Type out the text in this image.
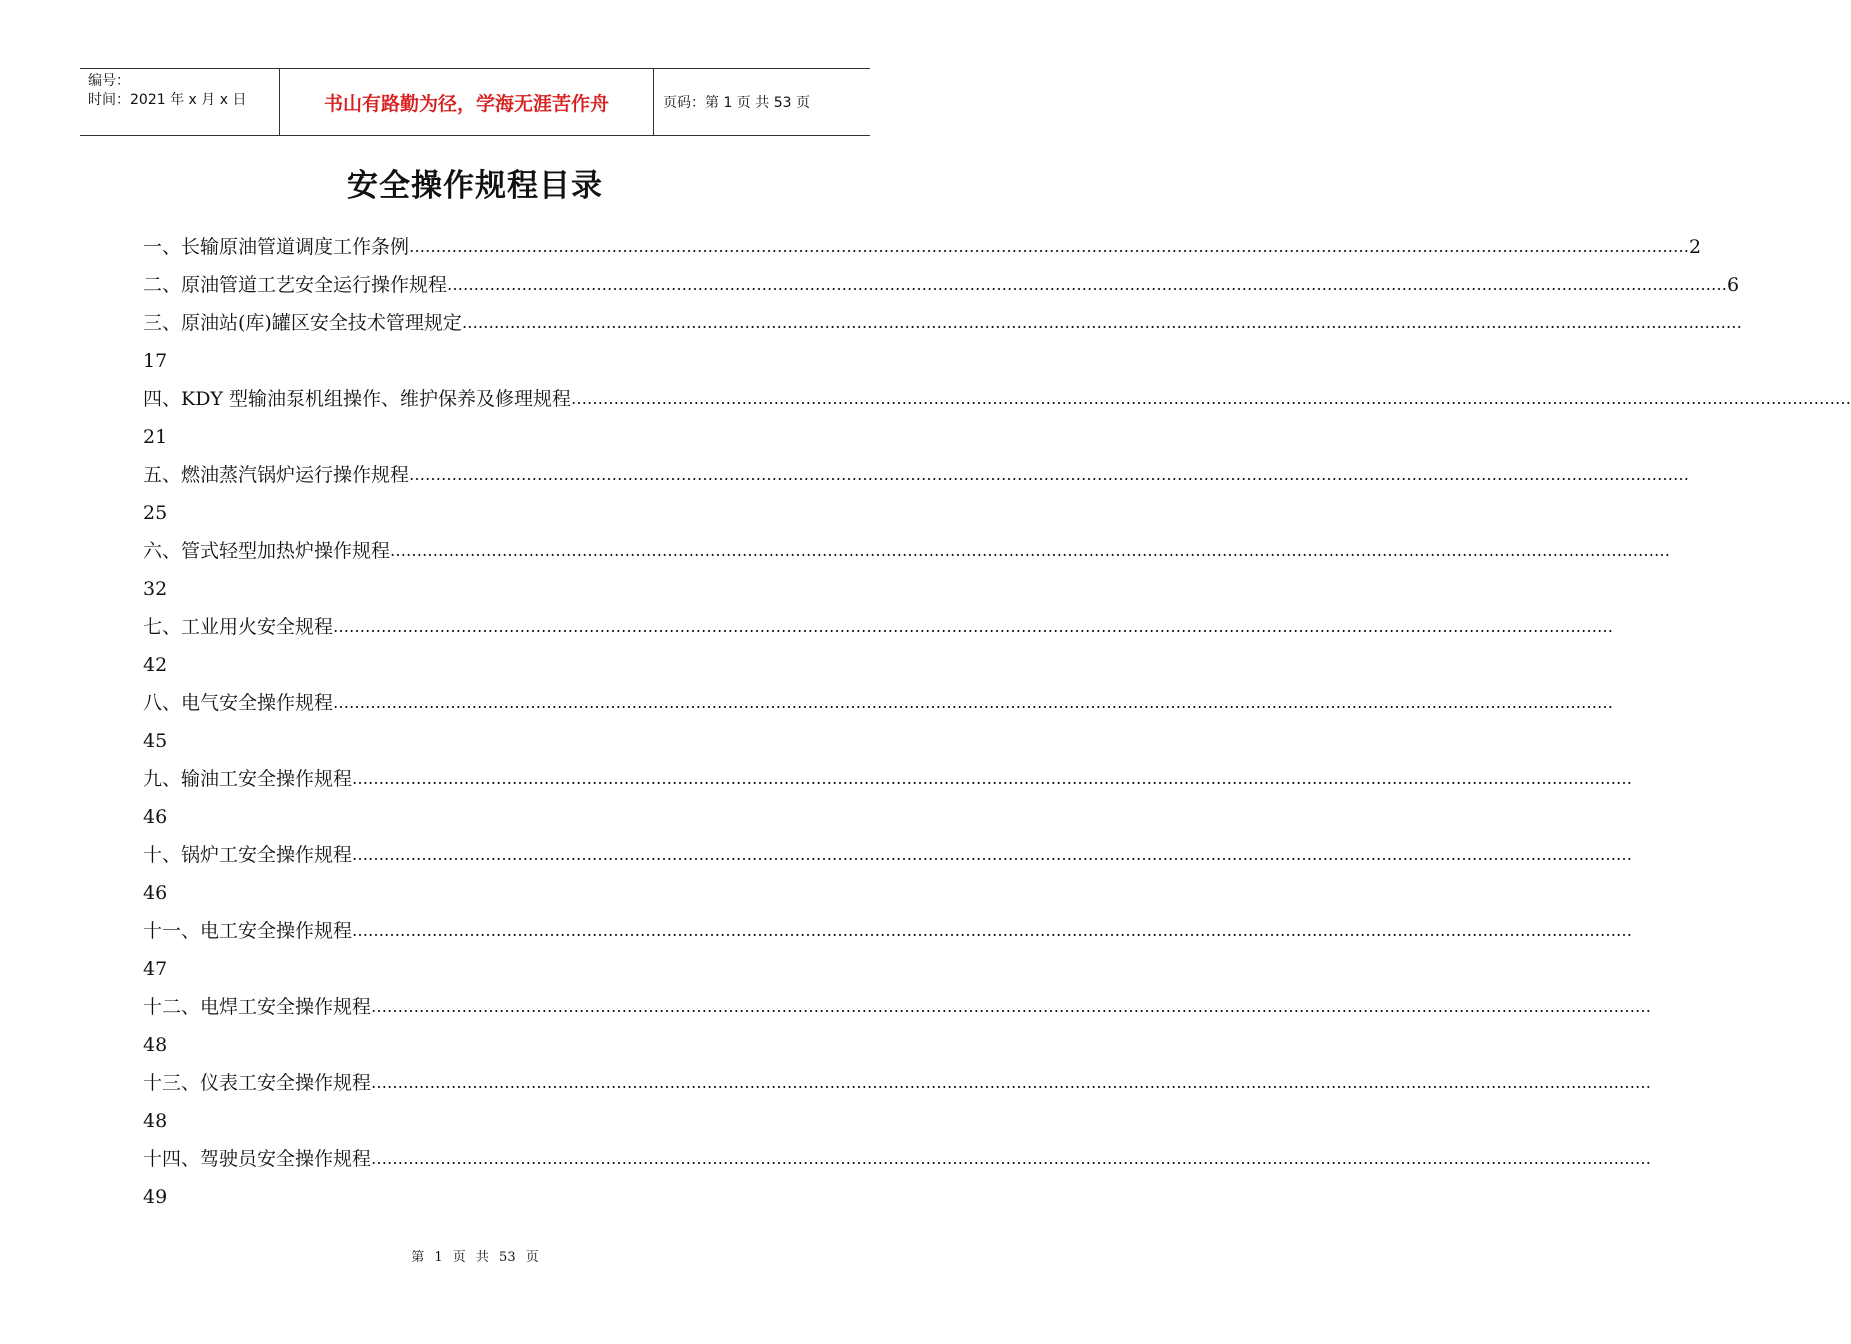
编号：
时间：2021 年 x 月 x 日	书山有路勤为径，学海无涯苦作舟	页码：第 1 页 共 53 页
安全操作规程目录
一、长输原油管道调度工作条例 …………………………………………………………………………………………………………………………………………………………………………………………………………………… 2
二、原油管道工艺安全运行操作规程 …………………………………………………………………………………………………………………………………………………………………………………………………………………… 6
三、原油站(库)罐区安全技术管理规定 ……………………………………………………………………………………………………………………………………………………………………………………………………………………
17
四、KDY 型输油泵机组操作、维护保养及修理规程 ……………………………………………………………………………………………………………………………………………………………………………………………………………………
21
五、燃油蒸汽锅炉运行操作规程 ……………………………………………………………………………………………………………………………………………………………………………………………………………………
25
六、管式轻型加热炉操作规程 ……………………………………………………………………………………………………………………………………………………………………………………………………………………
32
七、工业用火安全规程 ……………………………………………………………………………………………………………………………………………………………………………………………………………………
42
八、电气安全操作规程 ……………………………………………………………………………………………………………………………………………………………………………………………………………………
45
九、输油工安全操作规程 ……………………………………………………………………………………………………………………………………………………………………………………………………………………
46
十、锅炉工安全操作规程 ……………………………………………………………………………………………………………………………………………………………………………………………………………………
46
十一、电工安全操作规程 ……………………………………………………………………………………………………………………………………………………………………………………………………………………
47
十二、电焊工安全操作规程 ……………………………………………………………………………………………………………………………………………………………………………………………………………………
48
十三、仪表工安全操作规程 ……………………………………………………………………………………………………………………………………………………………………………………………………………………
48
十四、驾驶员安全操作规程 ……………………………………………………………………………………………………………………………………………………………………………………………………………………
49
第 1 页 共 53 页
